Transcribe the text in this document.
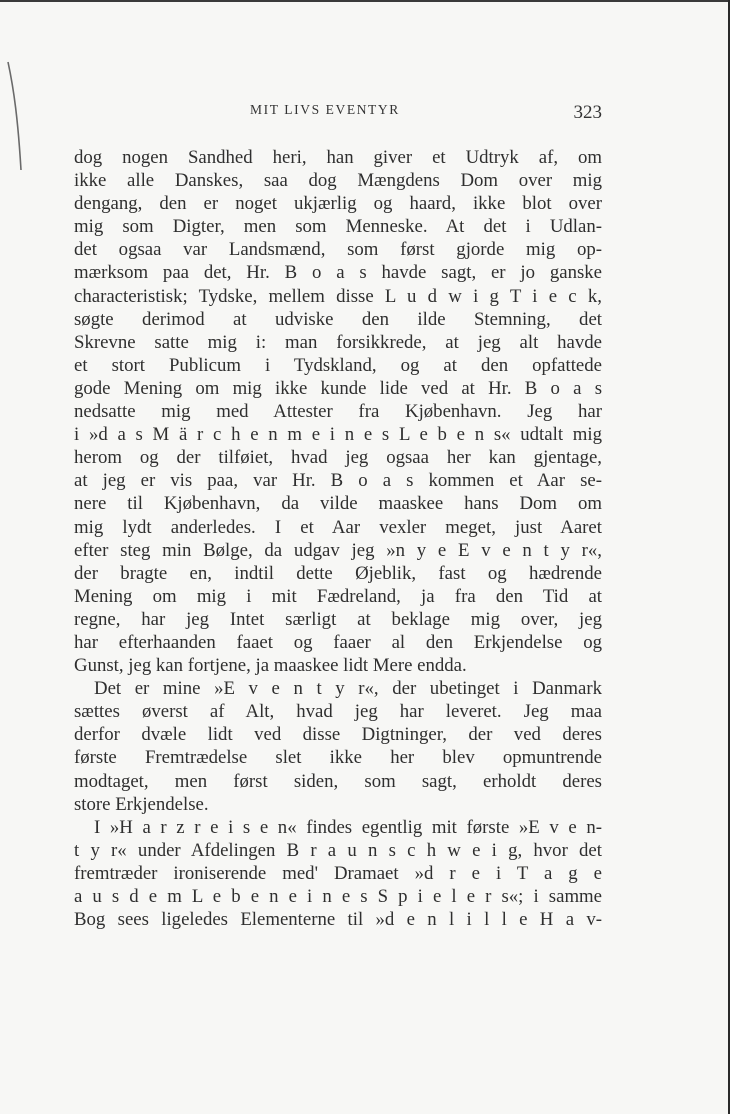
MIT LIVS EVENTYR	323
dog nogen Sandhed heri, han giver et Udtryk af, om
ikke alle Danskes, saa dog Mængdens Dom over mig
dengang, den er noget ukjærlig og haard, ikke blot over
mig som Digter, men som Menneske. At det i Udlan-
det ogsaa var Landsmænd, som først gjorde mig op-
mærksom paa det, Hr. B o a s havde sagt, er jo ganske
characteristisk; Tydske, mellem disse L u d w i g T i e c k,
søgte derimod at udviske den ilde Stemning, det
Skrevne satte mig i: man forsikkrede, at jeg alt havde
et stort Publicum i Tydskland, og at den opfattede
gode Mening om mig ikke kunde lide ved at Hr. B o a s
nedsatte mig med Attester fra Kjøbenhavn. Jeg har
i »d a s M ä r c h e n m e i n e s L e b e n s« udtalt mig
herom og der tilføiet, hvad jeg ogsaa her kan gjentage,
at jeg er vis paa, var Hr. B o a s kommen et Aar se-
nere til Kjøbenhavn, da vilde maaskee hans Dom om
mig lydt anderledes. I et Aar vexler meget, just Aaret
efter steg min Bølge, da udgav jeg »n y e E v e n t y r«,
der bragte en, indtil dette Øjeblik, fast og hædrende
Mening om mig i mit Fædreland, ja fra den Tid at
regne, har jeg Intet særligt at beklage mig over, jeg
har efterhaanden faaet og faaer al den Erkjendelse og
Gunst, jeg kan fortjene, ja maaskee lidt Mere endda.
Det er mine »E v e n t y r«, der ubetinget i Danmark
sættes øverst af Alt, hvad jeg har leveret. Jeg maa
derfor dvæle lidt ved disse Digtninger, der ved deres
første Fremtrædelse slet ikke her blev opmuntrende
modtaget, men først siden, som sagt, erholdt deres
store Erkjendelse.
I »H a r z r e i s e n« findes egentlig mit første »E v e n-
t y r« under Afdelingen B r a u n s c h w e i g, hvor det
fremtræder ironiserende med' Dramaet »d r e i T a g e
a u s d e m L e b e n e i n e s S p i e l e r s«; i samme
Bog sees ligeledes Elementerne til »d e n l i l l e H a v-
